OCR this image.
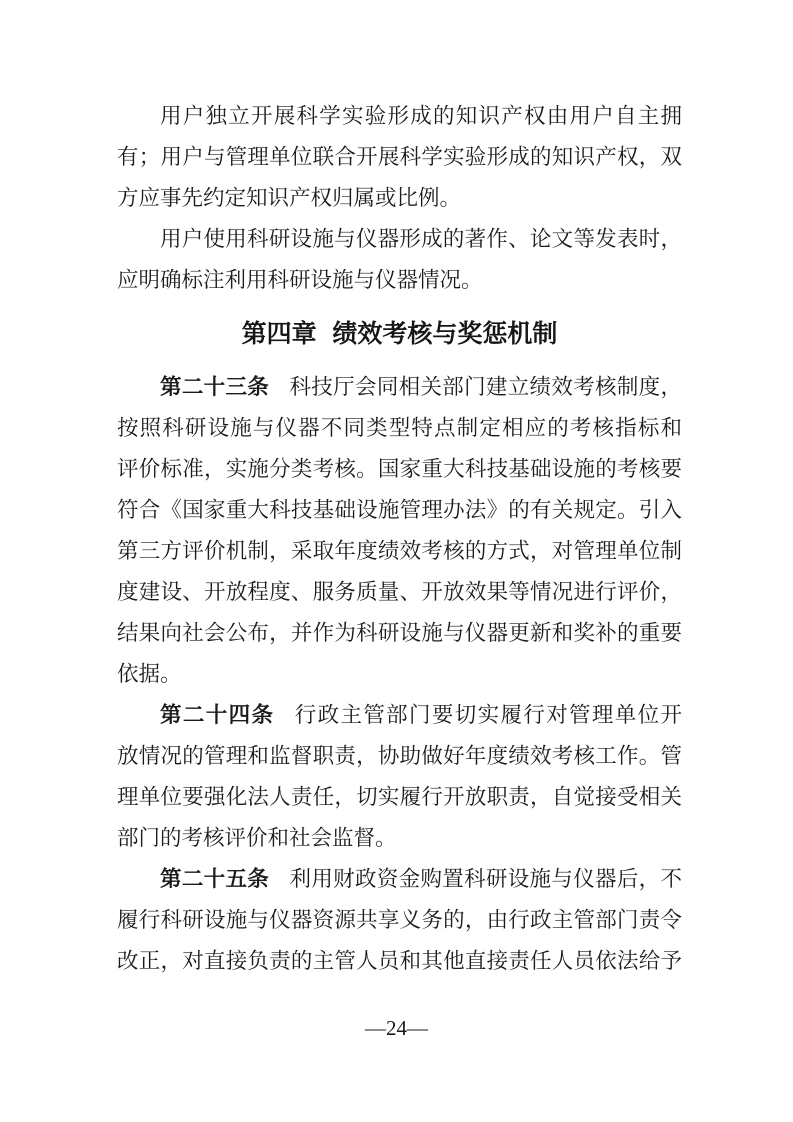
用户独立开展科学实验形成的知识产权由用户自主拥
有；用户与管理单位联合开展科学实验形成的知识产权，双
方应事先约定知识产权归属或比例。
用户使用科研设施与仪器形成的著作、论文等发表时，
应明确标注利用科研设施与仪器情况。
第四章 绩效考核与奖惩机制
第二十三条 科技厅会同相关部门建立绩效考核制度，
按照科研设施与仪器不同类型特点制定相应的考核指标和
评价标准，实施分类考核。国家重大科技基础设施的考核要
符合《国家重大科技基础设施管理办法》的有关规定。引入
第三方评价机制，采取年度绩效考核的方式，对管理单位制
度建设、开放程度、服务质量、开放效果等情况进行评价，
结果向社会公布，并作为科研设施与仪器更新和奖补的重要
依据。
第二十四条 行政主管部门要切实履行对管理单位开
放情况的管理和监督职责，协助做好年度绩效考核工作。管
理单位要强化法人责任，切实履行开放职责，自觉接受相关
部门的考核评价和社会监督。
第二十五条 利用财政资金购置科研设施与仪器后，不
履行科研设施与仪器资源共享义务的，由行政主管部门责令
改正，对直接负责的主管人员和其他直接责任人员依法给予
—24—
